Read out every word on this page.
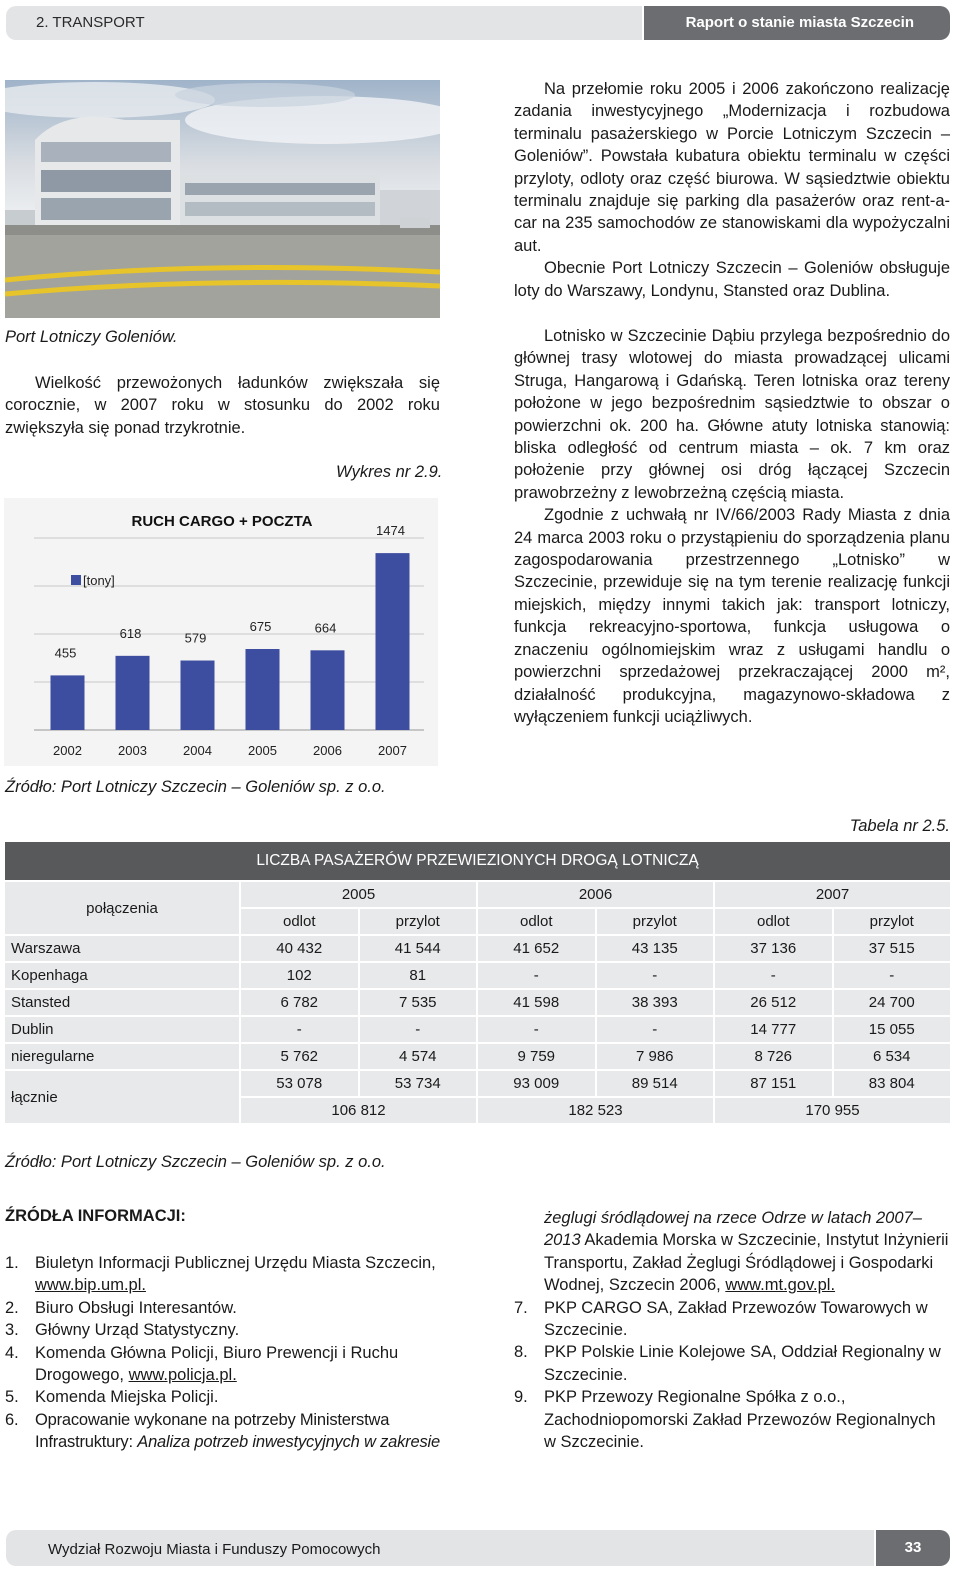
2. TRANSPORT	Raport o stanie miasta Szczecin
Port Lotniczy Goleniów.
Wielkość przewożonych ładunków zwiększała się corocznie, w 2007 roku w stosunku do 2002 roku zwiększyła się ponad trzykrotnie.
Wykres nr 2.9.
RUCH CARGO + POCZTA
[tony]
455
2002
618
2003
579
2004
675
2005
664
2006
1474
2007
Źródło: Port Lotniczy Szczecin – Goleniów sp. z o.o.

Na przełomie roku 2005 i 2006 zakończono realizację zadania inwestycyjnego „Modernizacja i rozbudowa terminalu pasażerskiego w Porcie Lotniczym Szczecin – Goleniów”. Powstała kubatura obiektu terminalu w części przyloty, odloty oraz część biurowa. W sąsiedztwie obiektu terminalu znajduje się parking dla pasażerów oraz rent-a-car na 235 samochodów ze stanowiskami dla wypożyczalni aut.

Obecnie Port Lotniczy Szczecin – Goleniów obsługuje loty do Warszawy, Londynu, Stansted oraz Dublina.

Lotnisko w Szczecinie Dąbiu przylega bezpośrednio do głównej trasy wlotowej do miasta prowadzącej ulicami Struga, Hangarową i Gdańską. Teren lotniska oraz tereny położone w jego bezpośrednim sąsiedztwie to obszar o powierzchni ok. 200 ha. Główne atuty lotniska stanowią: bliska odległość od centrum miasta – ok. 7 km oraz położenie przy głównej osi dróg łączącej Szczecin prawobrzeżny z lewobrzeżną częścią miasta.

Zgodnie z uchwałą nr IV/66/2003 Rady Miasta z dnia 24 marca 2003 roku o przystąpieniu do sporządzenia planu zagospodarowania przestrzennego „Lotnisko” w Szczecinie, przewiduje się na tym terenie realizację funkcji miejskich, między innymi takich jak: transport lotniczy, funkcja rekreacyjno-sportowa, funkcja usługowa o znaczeniu ogólnomiejskim wraz z usługami handlu o powierzchni sprzedażowej przekraczającej 2000 m², działalność produkcyjna, magazynowo-składowa z wyłączeniem funkcji uciążliwych.

Tabela nr 2.5.
LICZBA PASAŻERÓW PRZEWIEZIONYCH DROGĄ LOTNICZĄ						
połączenia	2005		2006		2007	
	odlot	przylot	odlot	przylot	odlot	przylot
Warszawa	40 432	41 544	41 652	43 135	37 136	37 515
Kopenhaga	102	81	-	-	-	-
Stansted	6 782	7 535	41 598	38 393	26 512	24 700
Dublin	-	-	-	-	14 777	15 055
nieregularne	5 762	4 574	9 759	7 986	8 726	6 534
łącznie	53 078	53 734	93 009	89 514	87 151	83 804
	106 812		182 523		170 955	
Źródło: Port Lotniczy Szczecin – Goleniów sp. z o.o.
ŹRÓDŁA INFORMACJI:
1. Biuletyn Informacji Publicznej Urzędu Miasta Szczecin,
www.bip.um.pl.
2. Biuro Obsługi Interesantów.
3. Główny Urząd Statystyczny.
4. Komenda Główna Policji, Biuro Prewencji i Ruchu Drogowego, www.policja.pl.
5. Komenda Miejska Policji.
6. Opracowanie wykonane na potrzeby Ministerstwa Infrastruktury: Analiza potrzeb inwestycyjnych w zakresie
żeglugi śródlądowej na rzece Odrze w latach 2007–2013 Akademia Morska w Szczecinie, Instytut Inżynierii Transportu, Zakład Żeglugi Śródlądowej i Gospodarki Wodnej, Szczecin 2006, www.mt.gov.pl.
7. PKP CARGO SA, Zakład Przewozów Towarowych w Szczecinie.
8. PKP Polskie Linie Kolejowe SA, Oddział Regionalny w Szczecinie.
9. PKP Przewozy Regionalne Spółka z o.o., Zachodniopomorski Zakład Przewozów Regionalnych w Szczecinie.
Wydział Rozwoju Miasta i Funduszy Pomocowych	33
